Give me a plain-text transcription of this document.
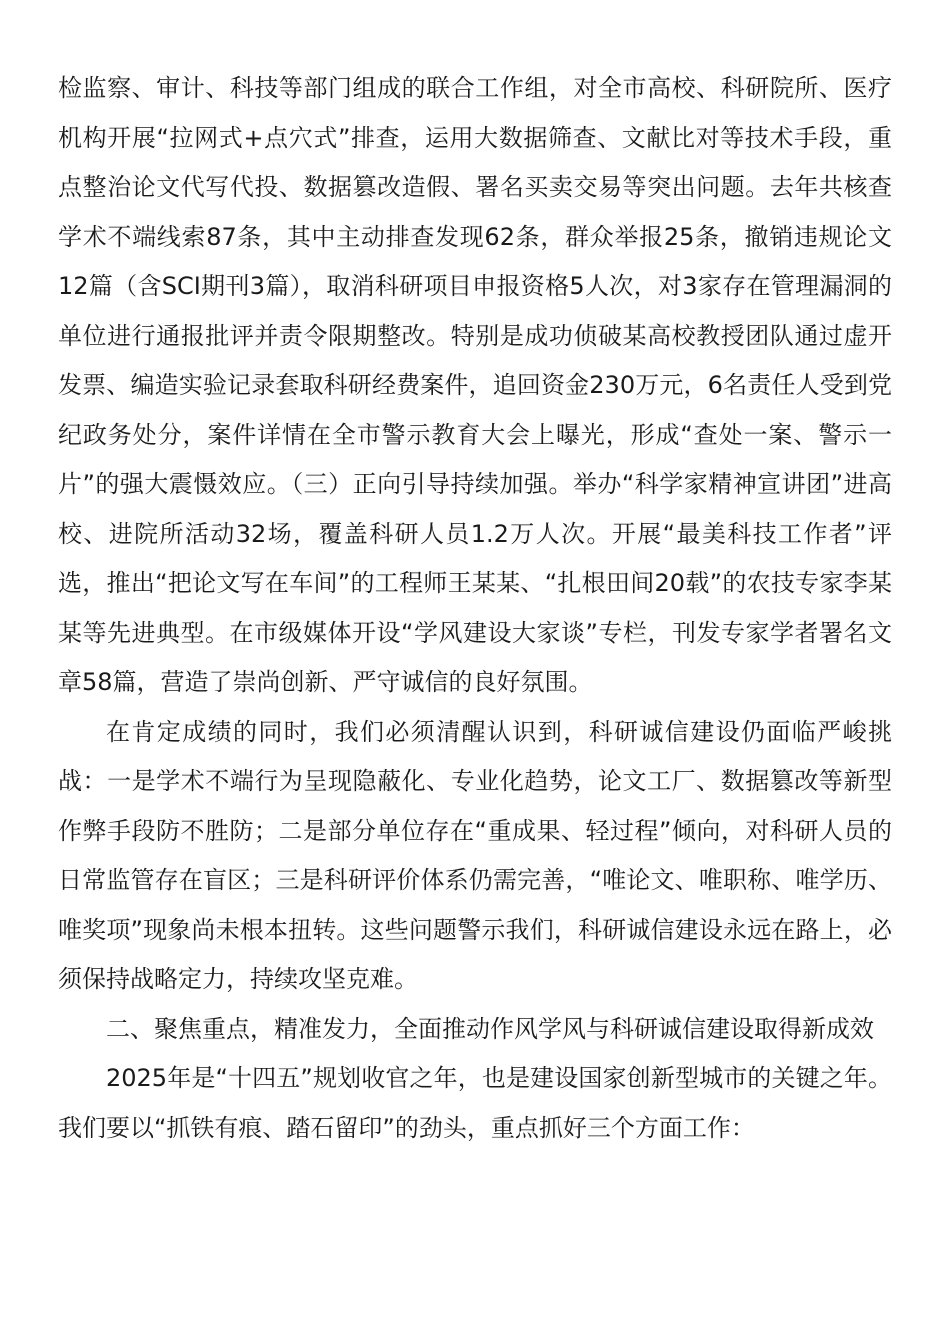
检监察、审计、科技等部门组成的联合工作组，对全市高校、科研院所、医疗机构开展“拉网式+点穴式”排查，运用大数据筛查、文献比对等技术手段，重点整治论文代写代投、数据篡改造假、署名买卖交易等突出问题。去年共核查学术不端线索87条，其中主动排查发现62条，群众举报25条，撤销违规论文12篇（含SCI期刊3篇），取消科研项目申报资格5人次，对3家存在管理漏洞的单位进行通报批评并责令限期整改。特别是成功侦破某高校教授团队通过虚开发票、编造实验记录套取科研经费案件，追回资金230万元，6名责任人受到党纪政务处分，案件详情在全市警示教育大会上曝光，形成“查处一案、警示一片”的强大震慑效应。（三）正向引导持续加强。举办“科学家精神宣讲团”进高校、进院所活动32场，覆盖科研人员1.2万人次。开展“最美科技工作者”评选，推出“把论文写在车间”的工程师王某某、“扎根田间20载”的农技专家李某某等先进典型。在市级媒体开设“学风建设大家谈”专栏，刊发专家学者署名文章58篇，营造了崇尚创新、严守诚信的良好氛围。

在肯定成绩的同时，我们必须清醒认识到，科研诚信建设仍面临严峻挑战：一是学术不端行为呈现隐蔽化、专业化趋势，论文工厂、数据篡改等新型作弊手段防不胜防；二是部分单位存在“重成果、轻过程”倾向，对科研人员的日常监管存在盲区；三是科研评价体系仍需完善，“唯论文、唯职称、唯学历、唯奖项”现象尚未根本扭转。这些问题警示我们，科研诚信建设永远在路上，必须保持战略定力，持续攻坚克难。

二、聚焦重点，精准发力，全面推动作风学风与科研诚信建设取得新成效

2025年是“十四五”规划收官之年，也是建设国家创新型城市的关键之年。我们要以“抓铁有痕、踏石留印”的劲头，重点抓好三个方面工作：
